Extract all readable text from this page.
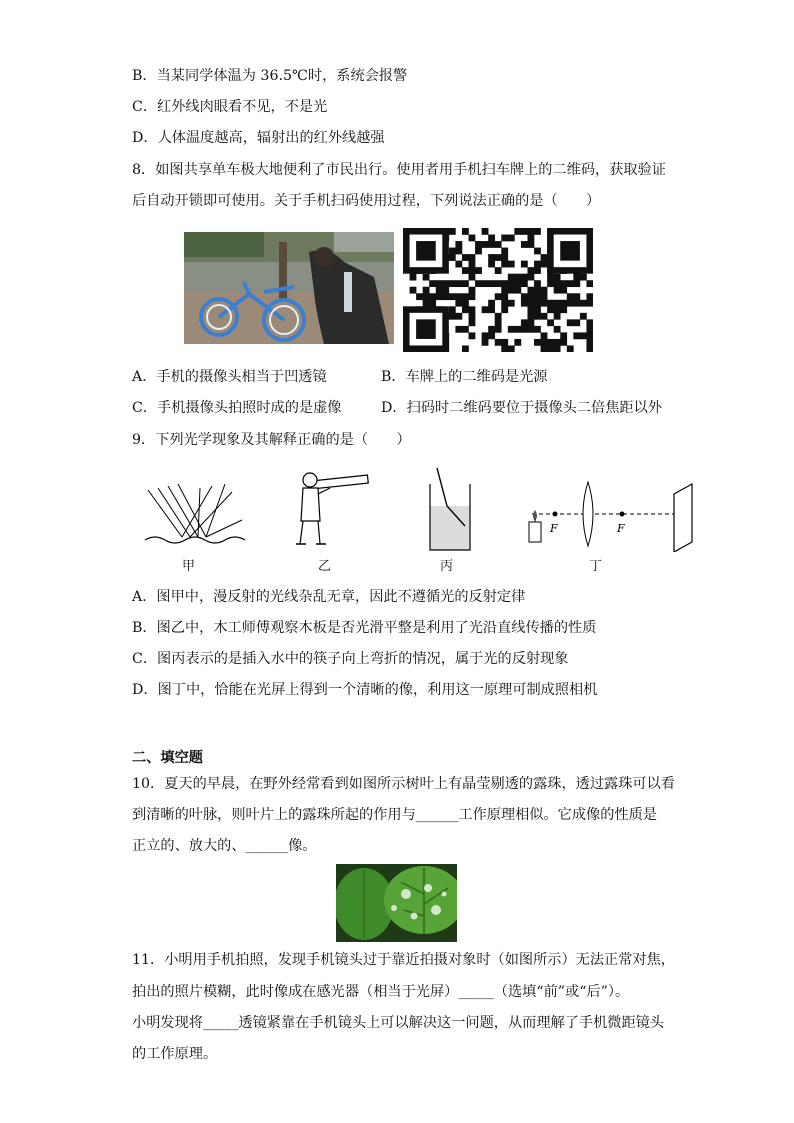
B．当某同学体温为 36.5℃时，系统会报警
C．红外线肉眼看不见，不是光
D．人体温度越高，辐射出的红外线越强
8．如图共享单车极大地便利了市民出行。使用者用手机扫车牌上的二维码，获取验证
后自动开锁即可使用。关于手机扫码使用过程，下列说法正确的是（　　）
A．手机的摄像头相当于凹透镜	B．车牌上的二维码是光源
C．手机摄像头拍照时成的是虚像	D．扫码时二维码要位于摄像头二倍焦距以外
9．下列光学现象及其解释正确的是（　　）
甲	乙	丙
F	F
丁
A．图甲中，漫反射的光线杂乱无章，因此不遵循光的反射定律
B．图乙中，木工师傅观察木板是否光滑平整是利用了光沿直线传播的性质
C．图丙表示的是插入水中的筷子向上弯折的情况，属于光的反射现象
D．图丁中，恰能在光屏上得到一个清晰的像，利用这一原理可制成照相机
二、填空题
10．夏天的早晨，在野外经常看到如图所示树叶上有晶莹剔透的露珠，透过露珠可以看
到清晰的叶脉，则叶片上的露珠所起的作用与______工作原理相似。它成像的性质是
正立的、放大的、______像。
11．小明用手机拍照，发现手机镜头过于靠近拍摄对象时（如图所示）无法正常对焦，
拍出的照片模糊，此时像成在感光器（相当于光屏）_____（选填“前”或“后”）。
小明发现将_____透镜紧靠在手机镜头上可以解决这一问题，从而理解了手机微距镜头
的工作原理。
